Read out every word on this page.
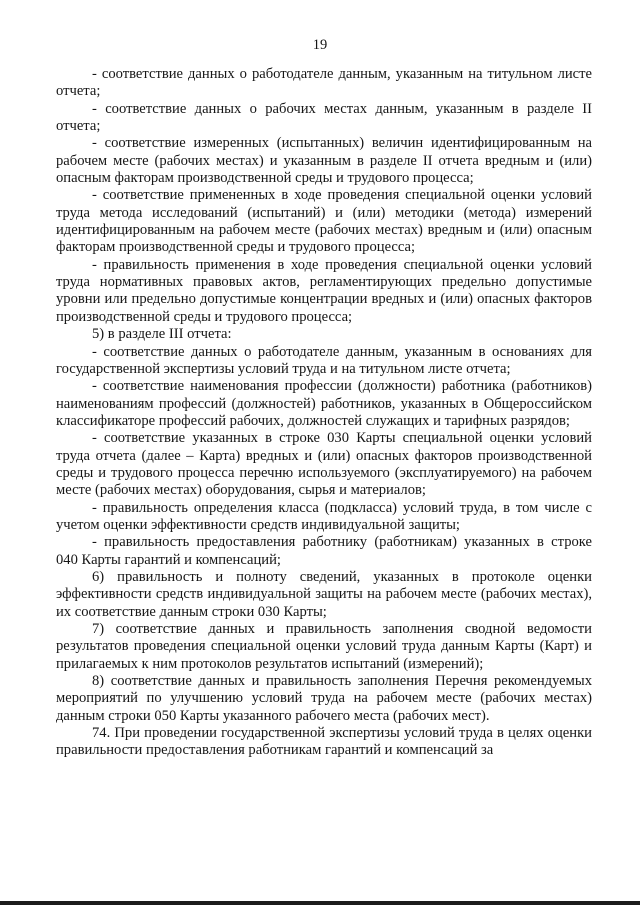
19

- соответствие данных о работодателе данным, указанным на титульном листе отчета;

- соответствие данных о рабочих местах данным, указанным в разделе II отчета;

- соответствие измеренных (испытанных) величин идентифицированным на рабочем месте (рабочих местах) и указанным в разделе II отчета вредным и (или) опасным факторам производственной среды и трудового процесса;

- соответствие примененных в ходе проведения специальной оценки условий труда метода исследований (испытаний) и (или) методики (метода) измерений идентифицированным на рабочем месте (рабочих местах) вредным и (или) опасным факторам производственной среды и трудового процесса;

- правильность применения в ходе проведения специальной оценки условий труда нормативных правовых актов, регламентирующих предельно допустимые уровни или предельно допустимые концентрации вредных и (или) опасных факторов производственной среды и трудового процесса;

5) в разделе III отчета:

- соответствие данных о работодателе данным, указанным в основаниях для государственной экспертизы условий труда и на титульном листе отчета;

- соответствие наименования профессии (должности) работника (работников) наименованиям профессий (должностей) работников, указанных в Общероссийском классификаторе профессий рабочих, должностей служащих и тарифных разрядов;

- соответствие указанных в строке 030 Карты специальной оценки условий труда отчета (далее – Карта) вредных и (или) опасных факторов производственной среды и трудового процесса перечню используемого (эксплуатируемого) на рабочем месте (рабочих местах) оборудования, сырья и материалов;

- правильность определения класса (подкласса) условий труда, в том числе с учетом оценки эффективности средств индивидуальной защиты;

- правильность предоставления работнику (работникам) указанных в строке 040 Карты гарантий и компенсаций;

6) правильность и полноту сведений, указанных в протоколе оценки эффективности средств индивидуальной защиты на рабочем месте (рабочих местах), их соответствие данным строки 030 Карты;

7) соответствие данных и правильность заполнения сводной ведомости результатов проведения специальной оценки условий труда данным Карты (Карт) и прилагаемых к ним протоколов результатов испытаний (измерений);

8) соответствие данных и правильность заполнения Перечня рекомендуемых мероприятий по улучшению условий труда на рабочем месте (рабочих местах) данным строки 050 Карты указанного рабочего места (рабочих мест).

74. При проведении государственной экспертизы условий труда в целях оценки правильности предоставления работникам гарантий и компенсаций за
